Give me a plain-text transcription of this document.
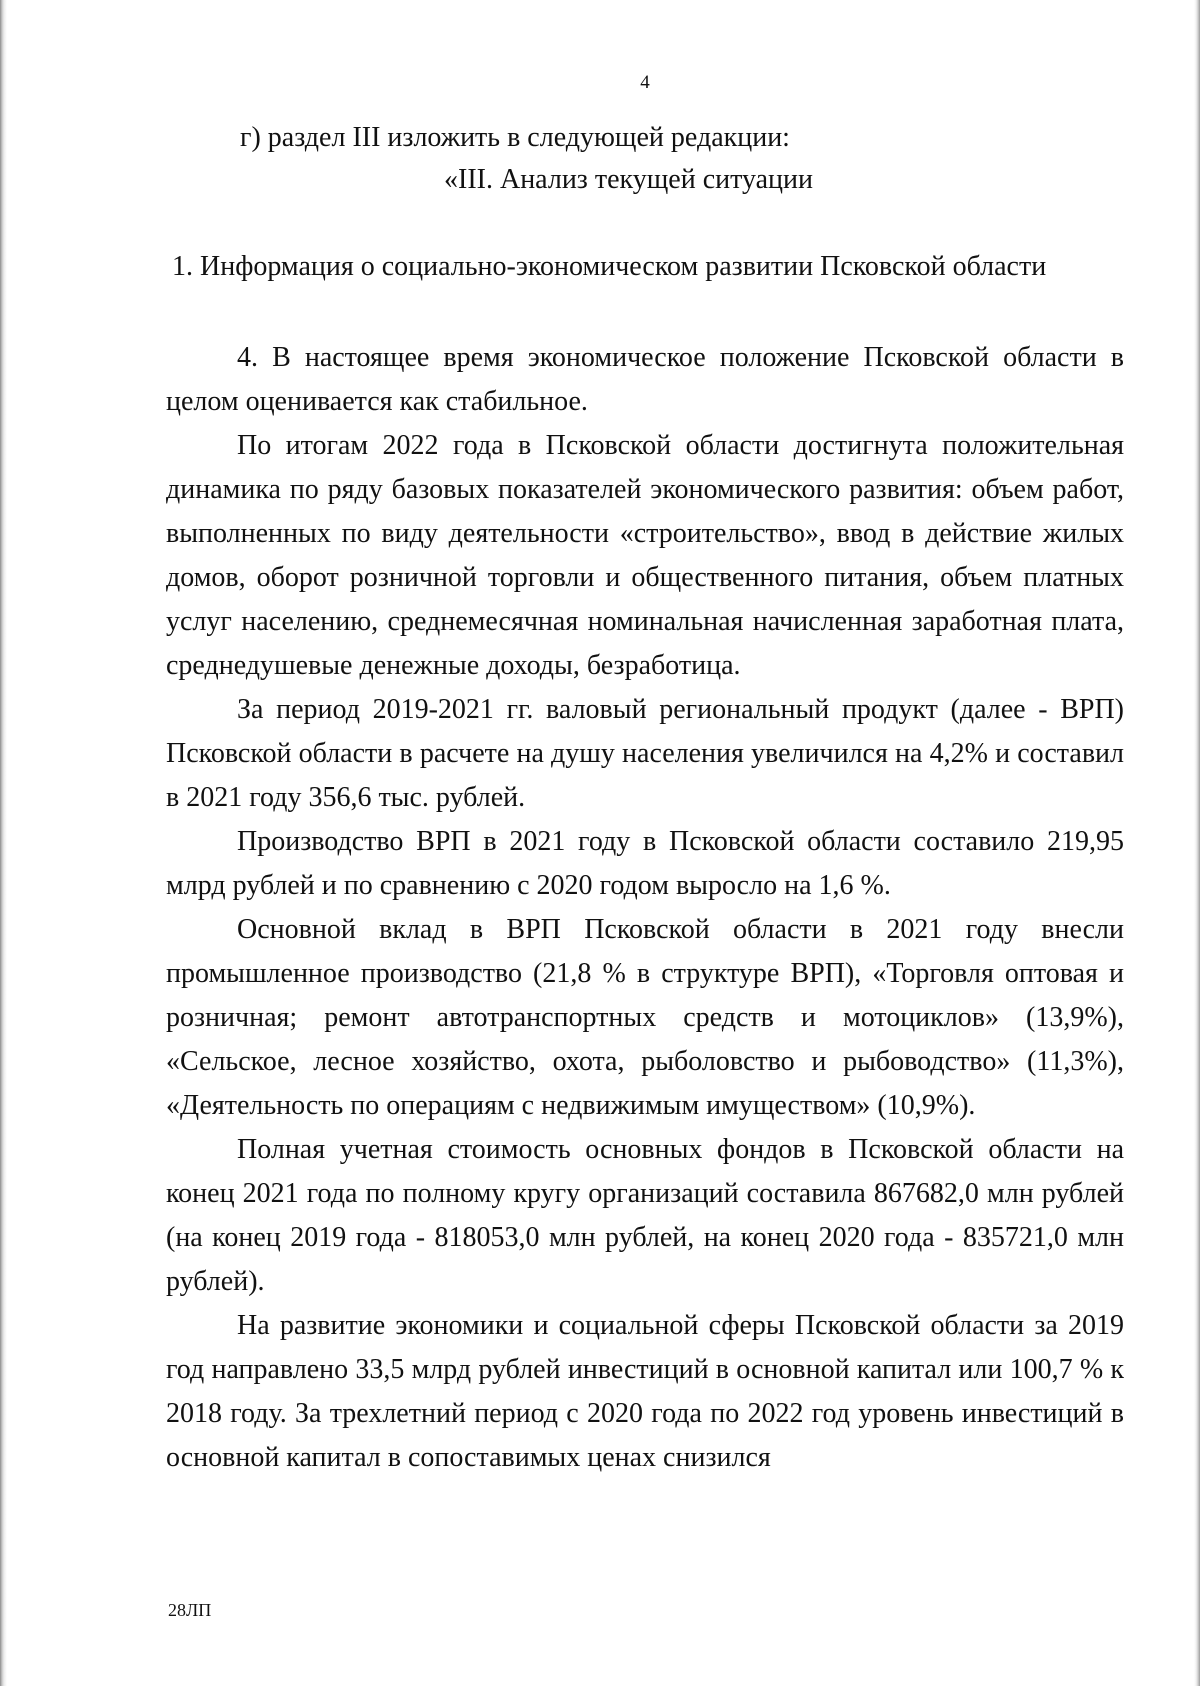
4
г) раздел III изложить в следующей редакции:
«III. Анализ текущей ситуации
1. Информация о социально-экономическом развитии Псковской области

4. В настоящее время экономическое положение Псковской области в целом оценивается как стабильное.

По итогам 2022 года в Псковской области достигнута положительная динамика по ряду базовых показателей экономического развития: объем работ, выполненных по виду деятельности «строительство», ввод в действие жилых домов, оборот розничной торговли и общественного питания, объем платных услуг населению, среднемесячная номинальная начисленная заработная плата, среднедушевые денежные доходы, безработица.

За период 2019-2021 гг. валовый региональный продукт (далее - ВРП) Псковской области в расчете на душу населения увеличился на 4,2% и составил в 2021 году 356,6 тыс. рублей.

Производство ВРП в 2021 году в Псковской области составило 219,95 млрд рублей и по сравнению с 2020 годом выросло на 1,6 %.

Основной вклад в ВРП Псковской области в 2021 году внесли промышленное производство (21,8 % в структуре ВРП), «Торговля оптовая и розничная; ремонт автотранспортных средств и мотоциклов» (13,9%), «Сельское, лесное хозяйство, охота, рыболовство и рыбоводство» (11,3%), «Деятельность по операциям с недвижимым имуществом» (10,9%).

Полная учетная стоимость основных фондов в Псковской области на конец 2021 года по полному кругу организаций составила 867682,0 млн рублей (на конец 2019 года - 818053,0 млн рублей, на конец 2020 года - 835721,0 млн рублей).

На развитие экономики и социальной сферы Псковской области за 2019 год направлено 33,5 млрд рублей инвестиций в основной капитал или 100,7 % к 2018 году. За трехлетний период с 2020 года по 2022 год уровень инвестиций в основной капитал в сопоставимых ценах снизился

28ЛП
